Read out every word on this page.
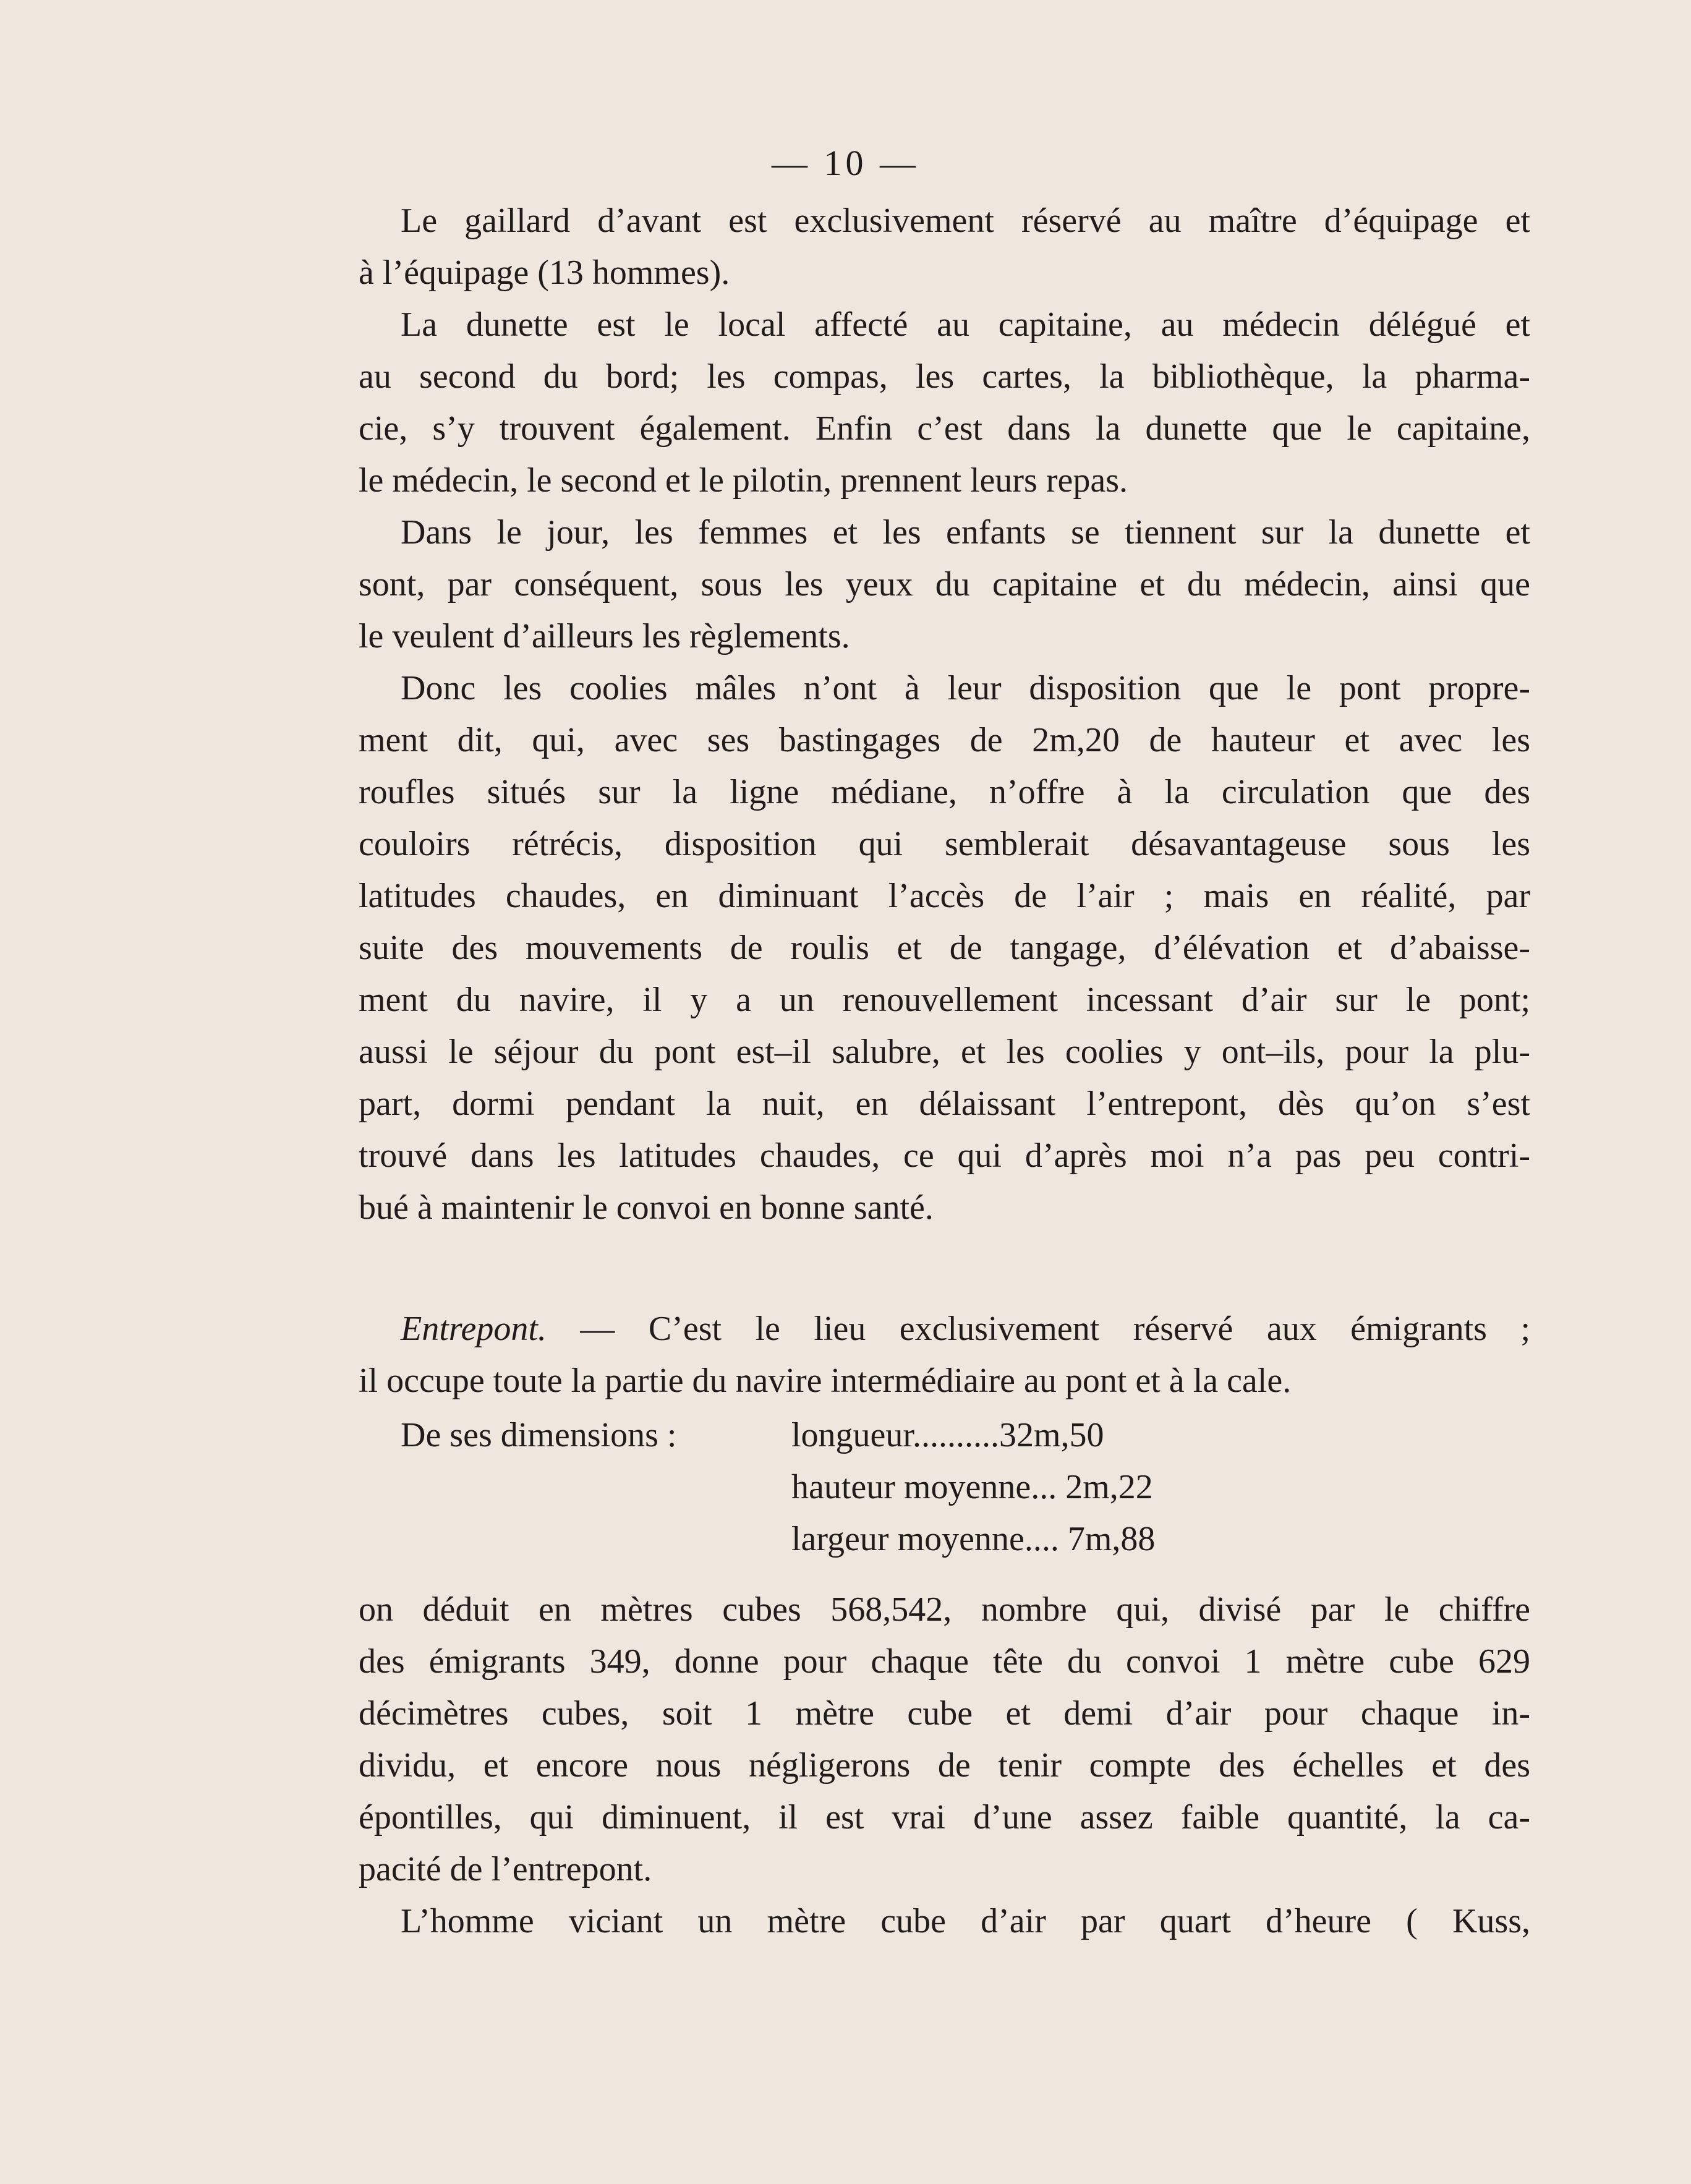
— 10 —
Le gaillard d’avant est exclusivement réservé au maître d’équipage et
à l’équipage (13 hommes).
La dunette est le local affecté au capitaine, au médecin délégué et
au second du bord; les compas, les cartes, la bibliothèque, la pharma-
cie, s’y trouvent également. Enfin c’est dans la dunette que le capitaine,
le médecin, le second et le pilotin, prennent leurs repas.
Dans le jour, les femmes et les enfants se tiennent sur la dunette et
sont, par conséquent, sous les yeux du capitaine et du médecin, ainsi que
le veulent d’ailleurs les règlements.
Donc les coolies mâles n’ont à leur disposition que le pont propre-
ment dit, qui, avec ses bastingages de 2m,20 de hauteur et avec les
roufles situés sur la ligne médiane, n’offre à la circulation que des
couloirs rétrécis, disposition qui semblerait désavantageuse sous les
latitudes chaudes, en diminuant l’accès de l’air ; mais en réalité, par
suite des mouvements de roulis et de tangage, d’élévation et d’abaisse-
ment du navire, il y a un renouvellement incessant d’air sur le pont;
aussi le séjour du pont est–il salubre, et les coolies y ont–ils, pour la plu-
part, dormi pendant la nuit, en délaissant l’entrepont, dès qu’on s’est
trouvé dans les latitudes chaudes, ce qui d’après moi n’a pas peu contri-
bué à maintenir le convoi en bonne santé.
Entrepont. — C’est le lieu exclusivement réservé aux émigrants ;
il occupe toute la partie du navire intermédiaire au pont et à la cale.
De ses dimensions :	longueur..........32m,50
hauteur moyenne... 2m,22
largeur moyenne.... 7m,88
on déduit en mètres cubes 568,542, nombre qui, divisé par le chiffre
des émigrants 349, donne pour chaque tête du convoi 1 mètre cube 629
décimètres cubes, soit 1 mètre cube et demi d’air pour chaque in-
dividu, et encore nous négligerons de tenir compte des échelles et des
épontilles, qui diminuent, il est vrai d’une assez faible quantité, la ca-
pacité de l’entrepont.
L’homme viciant un mètre cube d’air par quart d’heure ( Kuss,
